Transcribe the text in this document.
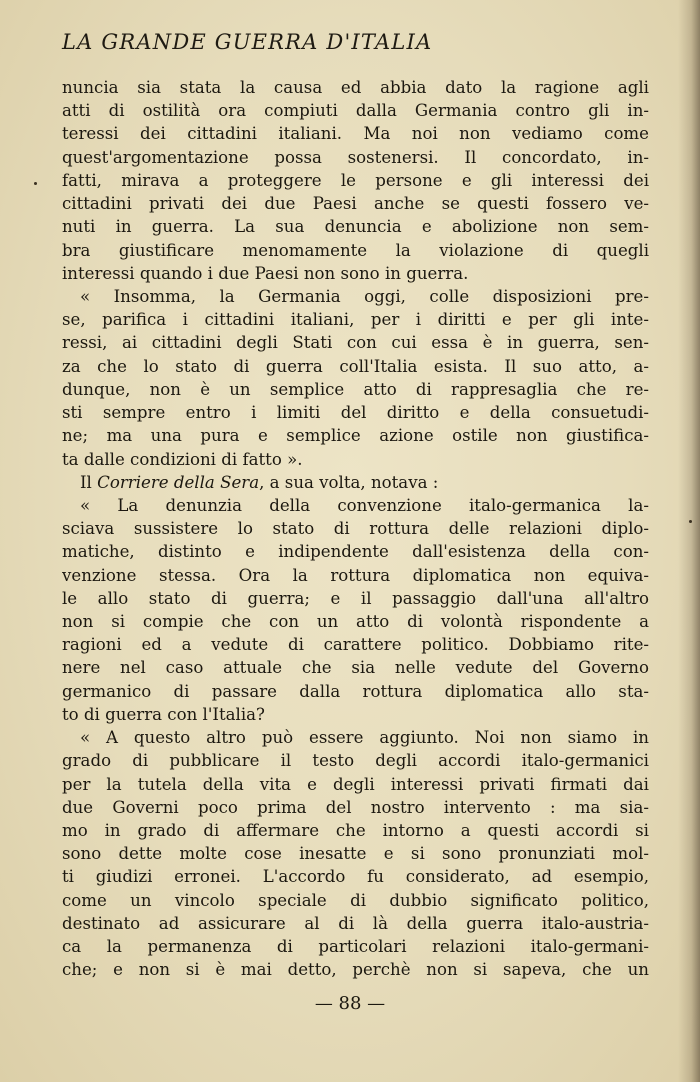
LA GRANDE GUERRA D'ITALIA
nuncia sia stata la causa ed abbia dato la ragione agli
atti di ostilità ora compiuti dalla Germania contro gli in-
teressi dei cittadini italiani. Ma noi non vediamo come
quest'argomentazione possa sostenersi. Il concordato, in-
fatti, mirava a proteggere le persone e gli interessi dei
cittadini privati dei due Paesi anche se questi fossero ve-
nuti in guerra. La sua denuncia e abolizione non sem-
bra giustificare menomamente la violazione di quegli
interessi quando i due Paesi non sono in guerra.
« Insomma, la Germania oggi, colle disposizioni pre-
se, parifica i cittadini italiani, per i diritti e per gli inte-
ressi, ai cittadini degli Stati con cui essa è in guerra, sen-
za che lo stato di guerra coll'Italia esista. Il suo atto, a-
dunque, non è un semplice atto di rappresaglia che re-
sti sempre entro i limiti del diritto e della consuetudi-
ne; ma una pura e semplice azione ostile non giustifica-
ta dalle condizioni di fatto ».
Il Corriere della Sera, a sua volta, notava :
« La denunzia della convenzione italo-germanica la-
sciava sussistere lo stato di rottura delle relazioni diplo-
matiche, distinto e indipendente dall'esistenza della con-
venzione stessa. Ora la rottura diplomatica non equiva-
le allo stato di guerra; e il passaggio dall'una all'altro
non si compie che con un atto di volontà rispondente a
ragioni ed a vedute di carattere politico. Dobbiamo rite-
nere nel caso attuale che sia nelle vedute del Governo
germanico di passare dalla rottura diplomatica allo sta-
to di guerra con l'Italia?
« A questo altro può essere aggiunto. Noi non siamo in
grado di pubblicare il testo degli accordi italo-germanici
per la tutela della vita e degli interessi privati firmati dai
due Governi poco prima del nostro intervento : ma sia-
mo in grado di affermare che intorno a questi accordi si
sono dette molte cose inesatte e si sono pronunziati mol-
ti giudizi erronei. L'accordo fu considerato, ad esempio,
come un vincolo speciale di dubbio significato politico,
destinato ad assicurare al di là della guerra italo-austria-
ca la permanenza di particolari relazioni italo-germani-
che; e non si è mai detto, perchè non si sapeva, che un
— 88 —
